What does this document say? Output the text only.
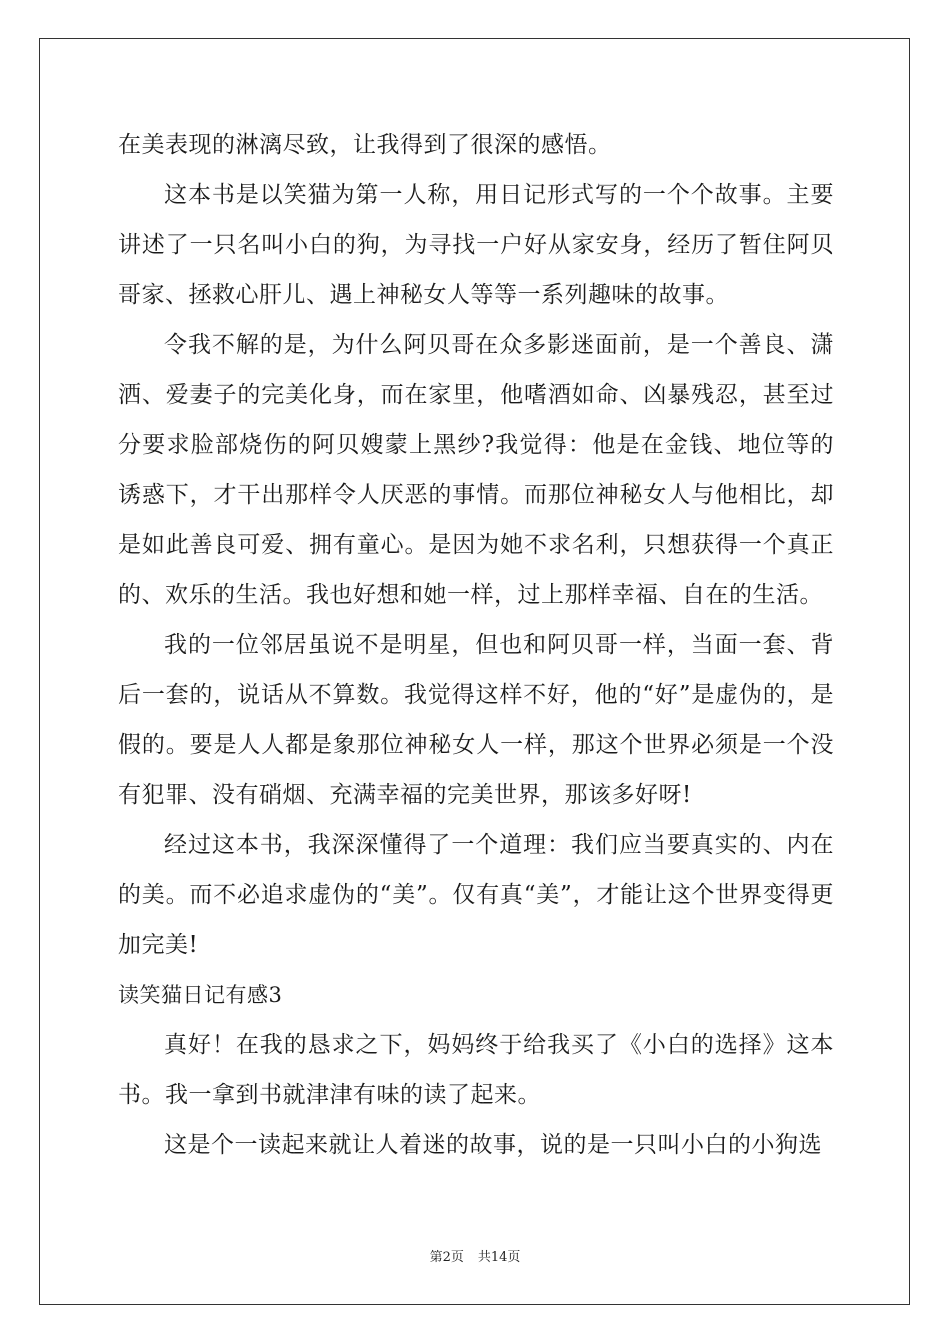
在美表现的淋漓尽致，让我得到了很深的感悟。

这本书是以笑猫为第一人称，用日记形式写的一个个故事。主要讲述了一只名叫小白的狗，为寻找一户好从家安身，经历了暂住阿贝哥家、拯救心肝儿、遇上神秘女人等等一系列趣味的故事。

令我不解的是，为什么阿贝哥在众多影迷面前，是一个善良、潇洒、爱妻子的完美化身，而在家里，他嗜酒如命、凶暴残忍，甚至过分要求脸部烧伤的阿贝嫂蒙上黑纱?我觉得：他是在金钱、地位等的诱惑下，才干出那样令人厌恶的事情。而那位神秘女人与他相比，却是如此善良可爱、拥有童心。是因为她不求名利，只想获得一个真正的、欢乐的生活。我也好想和她一样，过上那样幸福、自在的生活。

我的一位邻居虽说不是明星，但也和阿贝哥一样，当面一套、背后一套的，说话从不算数。我觉得这样不好，他的“好”是虚伪的，是假的。要是人人都是象那位神秘女人一样，那这个世界必须是一个没有犯罪、没有硝烟、充满幸福的完美世界，那该多好呀!

经过这本书，我深深懂得了一个道理：我们应当要真实的、内在的美。而不必追求虚伪的“美”。仅有真“美”，才能让这个世界变得更加完美!

读笑猫日记有感3

真好！在我的恳求之下，妈妈终于给我买了《小白的选择》这本书。我一拿到书就津津有味的读了起来。

这是个一读起来就让人着迷的故事，说的是一只叫小白的小狗选

第2页 共14页
